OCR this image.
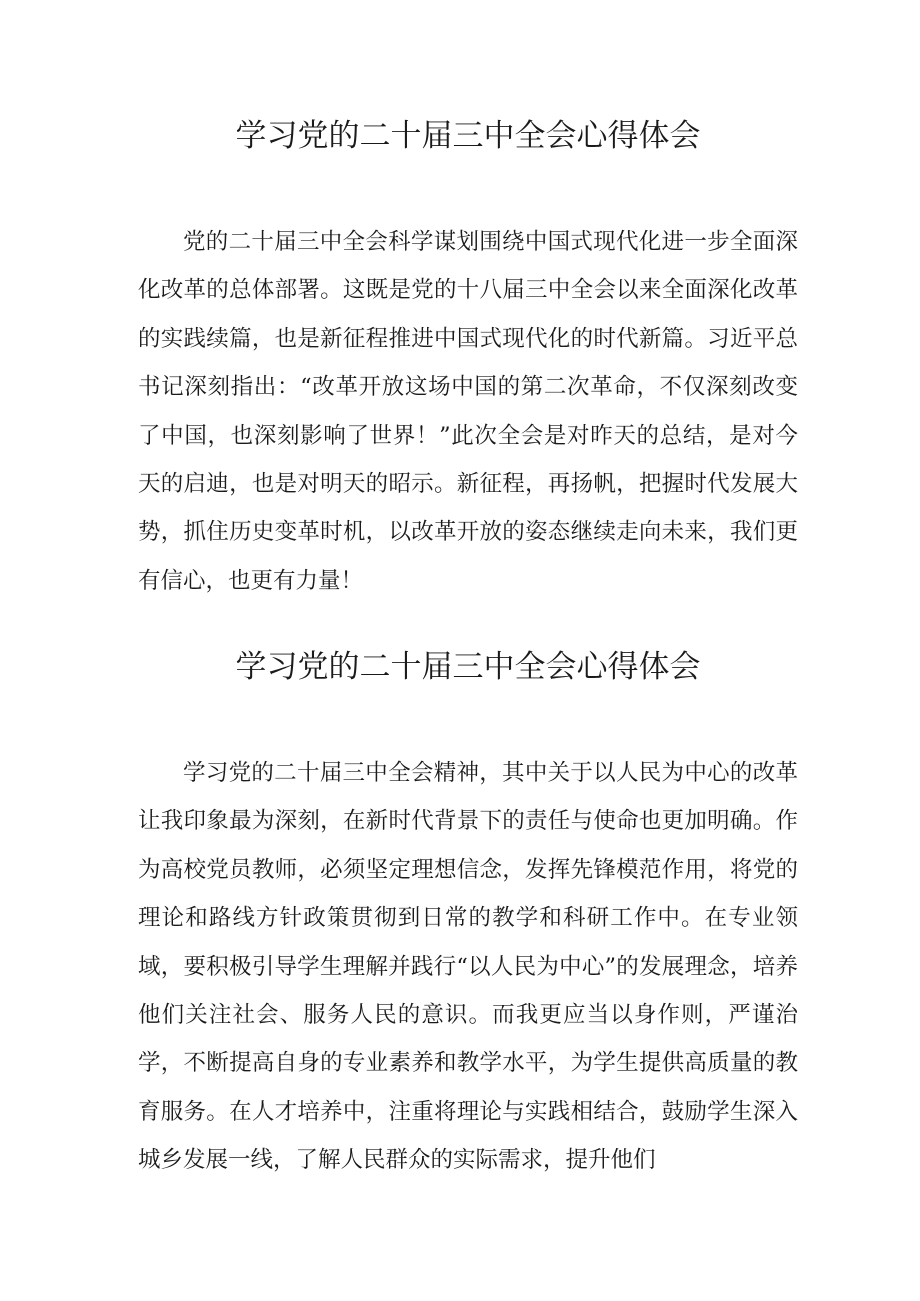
学习党的二十届三中全会心得体会

党的二十届三中全会科学谋划围绕中国式现代化进一步全面深化改革的总体部署。这既是党的十八届三中全会以来全面深化改革的实践续篇，也是新征程推进中国式现代化的时代新篇。习近平总书记深刻指出：“改革开放这场中国的第二次革命，不仅深刻改变了中国，也深刻影响了世界！”此次全会是对昨天的总结，是对今天的启迪，也是对明天的昭示。新征程，再扬帆，把握时代发展大势，抓住历史变革时机，以改革开放的姿态继续走向未来，我们更有信心，也更有力量！

学习党的二十届三中全会心得体会

学习党的二十届三中全会精神，其中关于以人民为中心的改革让我印象最为深刻，在新时代背景下的责任与使命也更加明确。作为高校党员教师，必须坚定理想信念，发挥先锋模范作用，将党的理论和路线方针政策贯彻到日常的教学和科研工作中。在专业领域，要积极引导学生理解并践行“以人民为中心”的发展理念，培养他们关注社会、服务人民的意识。而我更应当以身作则，严谨治学，不断提高自身的专业素养和教学水平，为学生提供高质量的教育服务。在人才培养中，注重将理论与实践相结合，鼓励学生深入城乡发展一线，了解人民群众的实际需求，提升他们
